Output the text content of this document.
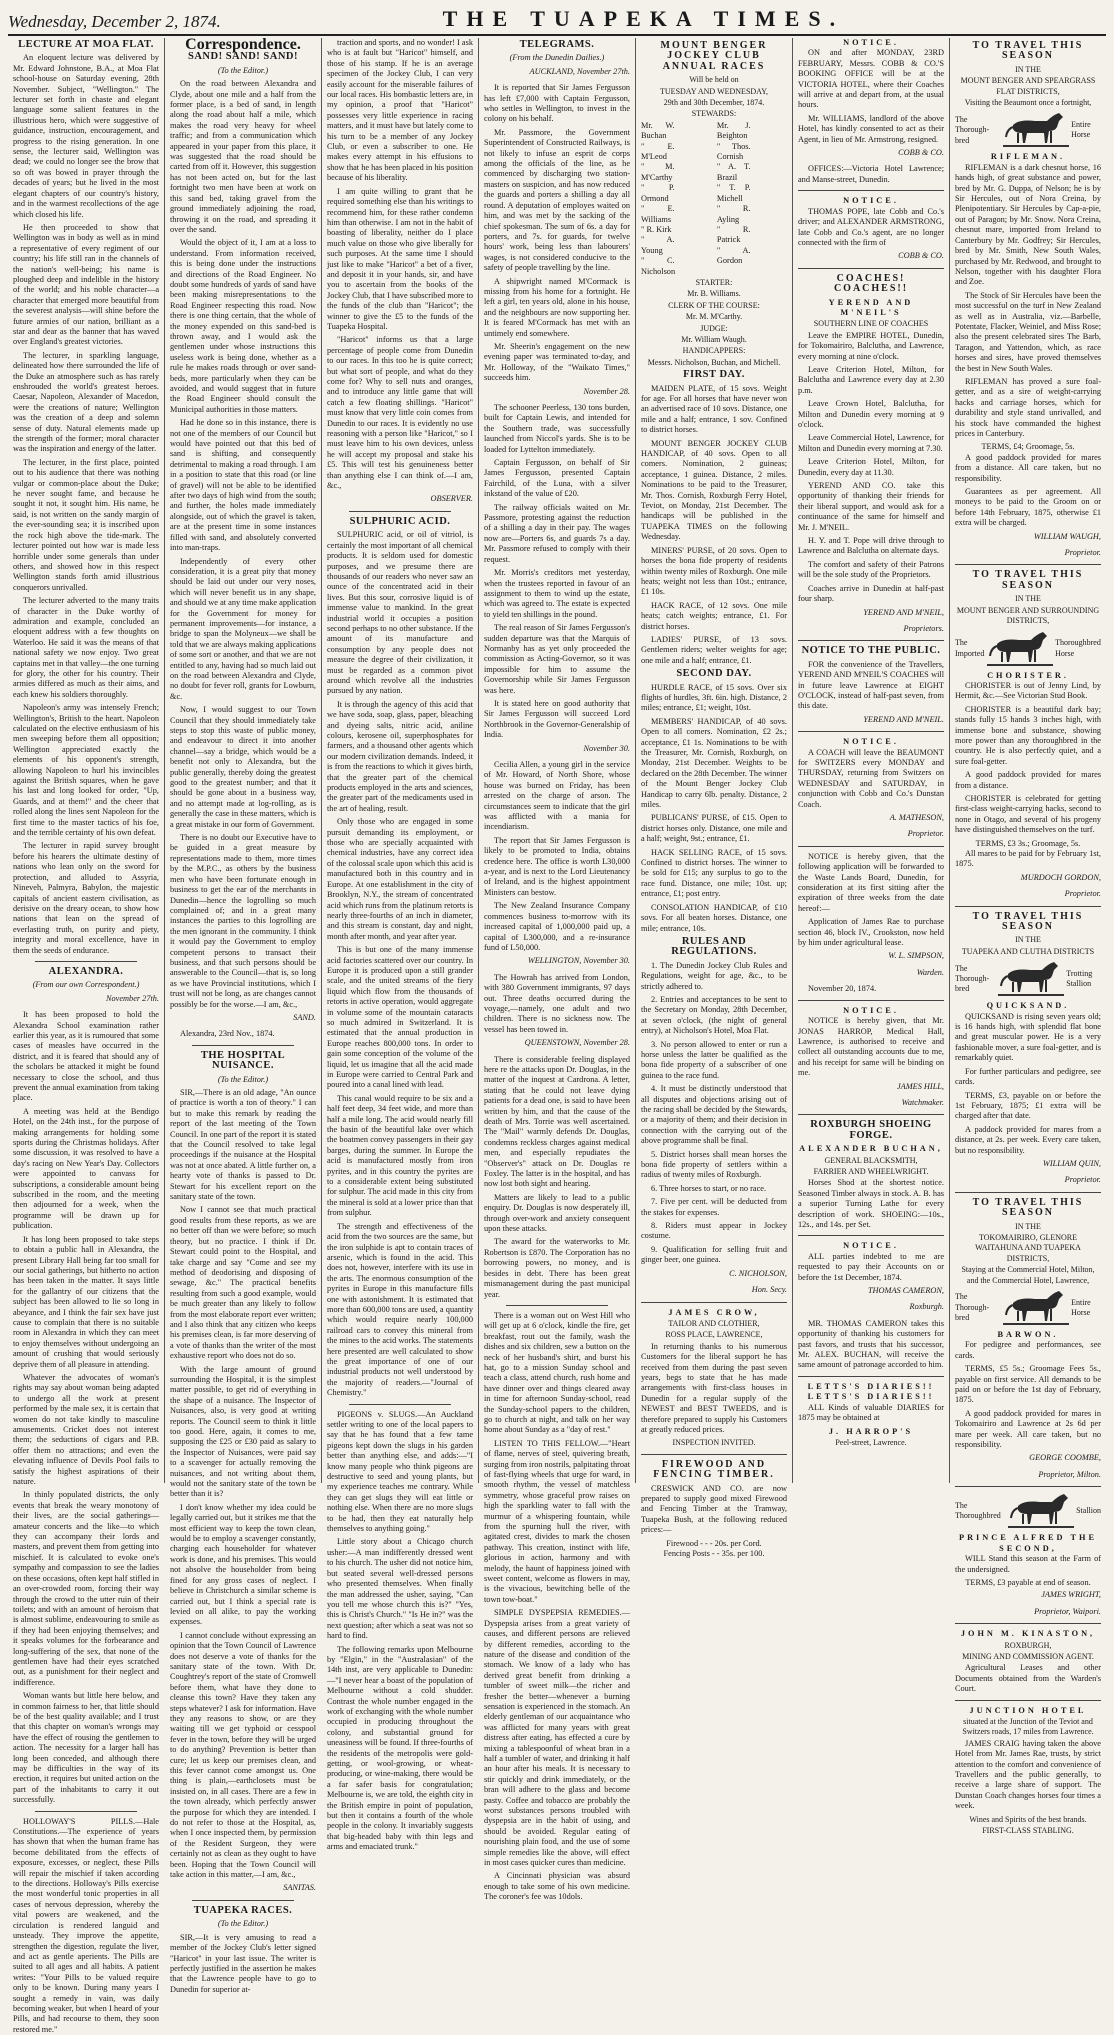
Wednesday, December 2, 1874.	THE TUAPEKA TIMES.
LECTURE AT MOA FLAT.

An eloquent lecture was delivered by Mr. Edward Johnstone, B.A., at Moa Flat school-house on Saturday evening, 28th November. Subject, "Wellington." The lecturer set forth in chaste and elegant language some salient features in the illustrious hero, which were suggestive of guidance, instruction, encouragement, and progress to the rising generation. In one sense, the lecturer said, Wellington was dead; we could no longer see the brow that so oft was bowed in prayer through the decades of years; but he lived in the most elegant chapters of our country's history, and in the warmest recollections of the age which closed his life.

He then proceeded to show that Wellington was in body as well as in mind a representative of every regiment of our country; his life still ran in the channels of the nation's well-being; his name is ploughed deep and indelible in the history of the world; and his noble character—a character that emerged more beautiful from the severest analysis—will shine before the future armies of our nation, brilliant as a star and dear as the banner that has waved over England's greatest victories.

The lecturer, in sparkling language, delineated how there surrounded the life of the Duke an atmosphere such as has rarely enshrouded the world's greatest heroes. Caesar, Napoleon, Alexander of Macedon, were the creations of nature; Wellington was the creation of a deep and solemn sense of duty. Natural elements made up the strength of the former; moral character was the inspiration and energy of the latter.

The lecturer, in the first place, pointed out to his audience that there was nothing vulgar or common-place about the Duke; he never sought fame, and because he sought it not, it sought him. His name, he said, is not written on the sandy margin of the ever-sounding sea; it is inscribed upon the rock high above the tide-mark. The lecturer pointed out how war is made less horrible under some generals than under others, and showed how in this respect Wellington stands forth amid illustrious conquerors unrivalled.

The lecturer adverted to the many traits of character in the Duke worthy of admiration and example, concluded an eloquent address with a few thoughts on Waterloo. He said it was the means of that national safety we now enjoy. Two great captains met in that valley—the one turning for glory, the other for his country. Their armies differed as much as their aims, and each knew his soldiers thoroughly.

Napoleon's army was intensely French; Wellington's, British to the heart. Napoleon calculated on the elective enthusiasm of his men sweeping before them all opposition; Wellington appreciated exactly the elements of his opponent's strength, allowing Napoleon to hurl his invincibles against the British squares, when he gave his last and long looked for order, "Up, Guards, and at them!" and the cheer that rolled along the lines sent Napoleon for the first time to the master tactics of his foe, and the terrible certainty of his own defeat.

The lecturer in rapid survey brought before his hearers the ultimate destiny of nations who lean only on the sword for protection, and alluded to Assyria, Nineveh, Palmyra, Babylon, the majestic capitals of ancient eastern civilisation, as derisive on the dreary ocean, to show how nations that lean on the spread of everlasting truth, on purity and piety, integrity and moral excellence, have in them the seeds of endurance.

ALEXANDRA.
(From our own Correspondent.)
November 27th.

It has been proposed to hold the Alexandra School examination rather earlier this year, as it is rumoured that some cases of measles have occurred in the district, and it is feared that should any of the scholars be attacked it might be found necessary to close the school, and thus prevent the annual examination from taking place.

A meeting was held at the Bendigo Hotel, on the 24th inst., for the purpose of making arrangements for holding some sports during the Christmas holidays. After some discussion, it was resolved to have a day's racing on New Year's Day. Collectors were appointed to canvass for subscriptions, a considerable amount being subscribed in the room, and the meeting then adjourned for a week, when the programme will be drawn up for publication.

It has long been proposed to take steps to obtain a public hall in Alexandra, the present Library Hall being far too small for our social gatherings, but hitherto no action has been taken in the matter. It says little for the gallantry of our citizens that the subject has been allowed to lie so long in abeyance, and I think the fair sex have just cause to complain that there is no suitable room in Alexandra in which they can meet to enjoy themselves without undergoing an amount of crushing that would seriously deprive them of all pleasure in attending.

Whatever the advocates of woman's rights may say about woman being adapted to undergo all the work at present performed by the male sex, it is certain that women do not take kindly to masculine amusements. Cricket does not interest them; the seductions of cigars and P.B. offer them no attractions; and even the elevating influence of Devils Pool fails to satisfy the highest aspirations of their nature.

In thinly populated districts, the only events that break the weary monotony of their lives, are the social gatherings—amateur concerts and the like—to which they can accompany their lords and masters, and prevent them from getting into mischief. It is calculated to evoke one's sympathy and compassion to see the ladies on these occasions, often kept half stifled in an over-crowded room, forcing their way through the crowd to the utter ruin of their toilets; and with an amount of heroism that is almost sublime, endeavouring to smile as if they had been enjoying themselves; and it speaks volumes for the forbearance and long-suffering of the sex, that none of the gentlemen have had their eyes scratched out, as a punishment for their neglect and indifference.

Woman wants but little here below, and in common fairness to her, that little should be of the best quality available; and I trust that this chapter on woman's wrongs may have the effect of rousing the gentlemen to action. The necessity for a larger hall has long been conceded, and although there may be difficulties in the way of its erection, it requires but united action on the part of the inhabitants to carry it out successfully.

HOLLOWAY'S PILLS.—Hale Constitutions.—The experience of years has shown that when the human frame has become debilitated from the effects of exposure, excesses, or neglect, these Pills will repair the mischief if taken according to the directions. Holloway's Pills exercise the most wonderful tonic properties in all cases of nervous depression, whereby the vital powers are weakened, and the circulation is rendered languid and unsteady. They improve the appetite, strengthen the digestion, regulate the liver, and act as gentle aperients. The Pills are suited to all ages and all habits. A patient writes: "Your Pills to be valued require only to be known. During many years I sought a remedy in vain, was daily becoming weaker, but when I heard of your Pills, and had recourse to them, they soon restored me."

Correspondence.
SAND! SAND! SAND!
(To the Editor.)

On the road between Alexandra and Clyde, about one mile and a half from the former place, is a bed of sand, in length along the road about half a mile, which makes the road very heavy for wheel traffic; and from a communication which appeared in your paper from this place, it was suggested that the road should be carted from off it. However, this suggestion has not been acted on, but for the last fortnight two men have been at work on this sand bed, taking gravel from the ground immediately adjoining the road, throwing it on the road, and spreading it over the sand.

Would the object of it, I am at a loss to understand. From information received, this is being done under the instructions and directions of the Road Engineer. No doubt some hundreds of yards of sand have been making misrepresentations to the Road Engineer respecting this road. Now there is one thing certain, that the whole of the money expended on this sand-bed is thrown away, and I would ask the gentlemen under whose instructions this useless work is being done, whether as a rule he makes roads through or over sand-beds, more particularly when they can be avoided, and would suggest that in future the Road Engineer should consult the Municipal authorities in those matters.

Had he done so in this instance, there is not one of the members of our Council but would have pointed out that this bed of sand is shifting, and consequently detrimental to making a road through. I am in a position to state that this road (or line of gravel) will not be able to be identified after two days of high wind from the south; and further, the holes made immediately alongside, out of which the gravel is taken, are at the present time in some instances filled with sand, and absolutely converted into man-traps.

Independently of every other consideration, it is a great pity that money should be laid out under our very noses, which will never benefit us in any shape, and should we at any time make application for the Government for money for permanent improvements—for instance, a bridge to span the Molyneux—we shall be told that we are always making applications of some sort or another, and that we are not entitled to any, having had so much laid out on the road between Alexandra and Clyde, no doubt for fever roll, grants for Lowburn, &c.

Now, I would suggest to our Town Council that they should immediately take steps to stop this waste of public money, and endeavour to direct it into another channel—say a bridge, which would be a benefit not only to Alexandra, but the public generally, thereby doing the greatest good to the greatest number; and that it should be gone about in a business way, and no attempt made at log-rolling, as is generally the case in these matters, which is a great mistake in our form of Government.

There is no doubt our Executive have to be guided in a great measure by representations made to them, more times by the M.P.C., as others by the business men who have been fortunate enough in business to get the ear of the merchants in Dunedin—hence the logrolling so much complained of; and in a great many instances the parties to this logrolling are the men ignorant in the community. I think it would pay the Government to employ competent persons to transact their business, and that such persons should be answerable to the Council—that is, so long as we have Provincial institutions, which I trust will not be long, as are changes cannot possibly be for the worse.—I am, &c.,

SAND.

Alexandra, 23rd Nov., 1874.

THE HOSPITAL NUISANCE.
(To the Editor.)

SIR,—There is an old adage, "An ounce of practice is worth a ton of theory." I can but to make this remark by reading the report of the last meeting of the Town Council. In one part of the report it is stated that the Council resolved to take legal proceedings if the nuisance at the Hospital was not at once abated. A little further on, a hearty vote of thanks is passed to Dr. Stewart for his excellent report on the sanitary state of the town.

Now I cannot see that much practical good results from these reports, as we are no better off than we were before; so much theory, but no practice. I think if Dr. Stewart could point to the Hospital, and take charge and say "Come and see my method of deodorising and disposing of sewage, &c." The practical benefits resulting from such a good example, would be much greater than any likely to follow from the most elaborate report ever written; and I also think that any citizen who keeps his premises clean, is far more deserving of a vote of thanks than the writer of the most exhaustive report who does not do so.

With the large amount of ground surrounding the Hospital, it is the simplest matter possible, to get rid of everything in the shape of a nuisance. The Inspector of Nuisances, also, is very good at writing reports. The Council seem to think it little too good. Here, again, it comes to me, supposing the £25 or £30 paid as salary to the Inspector of Nuisances, were paid say to a scavenger for actually removing the nuisances, and not writing about them, would not the sanitary state of the town be better than it is?

I don't know whether my idea could be legally carried out, but it strikes me that the most efficient way to keep the town clean, would be to employ a scavenger constantly, charging each householder for whatever work is done, and his premises. This would not absolve the householder from being fined for any gross cases of neglect. I believe in Christchurch a similar scheme is carried out, but I think a special rate is levied on all alike, to pay the working expenses.

I cannot conclude without expressing an opinion that the Town Council of Lawrence does not deserve a vote of thanks for the sanitary state of the town. With Dr. Coughtrey's report of the state of Cromwell before them, what have they done to cleanse this town? Have they taken any steps whatever? I ask for information. Have they any reasons to show, or are they waiting till we get typhoid or cesspool fever in the town, before they will be urged to do anything? Prevention is better than cure; let us keep our premises clean, and this fever cannot come amongst us. One thing is plain,—earthclosets must be insisted on, in all cases. There are a few in the town already, which perfectly answer the purpose for which they are intended. I do not refer to those at the Hospital, as, when I once inspected them, by permission of the Resident Surgeon, they were certainly not as clean as they ought to have been. Hoping that the Town Council will take action in this matter,—I am, &c.,

SANITAS.
TUAPEKA RACES.
(To the Editor.)

SIR,—It is very amusing to read a member of the Jockey Club's letter signed "Haricot" in your last issue. The writer is perfectly justified in the assertion he makes that the Lawrence people have to go to Dunedin for superior at-

traction and sports, and no wonder! I ask who is at fault but "Haricot" himself, and those of his stamp. If he is an average specimen of the Jockey Club, I can very easily account for the miserable failures of our local races. His bombastic letters are, in my opinion, a proof that "Haricot" possesses very little experience in racing matters, and it must have but lately come to his turn to be a member of any Jockey Club, or even a subscriber to one. He makes every attempt in his effusions to show that he has been placed in his position because of his liberality.

I am quite willing to grant that he required something else than his writings to recommend him, for these rather condemn him than otherwise. I am not in the habit of boasting of liberality, neither do I place much value on those who give liberally for such purposes. At the same time I should just like to make "Haricot" a bet of a fiver, and deposit it in your hands, sir, and have you to ascertain from the books of the Jockey Club, that I have subscribed more to the funds of the club than "Haricot"; the winner to give the £5 to the funds of the Tuapeka Hospital.

"Haricot" informs us that a large percentage of people come from Dunedin to our races. In this too he is quite correct; but what sort of people, and what do they come for? Why to sell nuts and oranges, and to introduce any little game that will catch a few floating shillings. "Haricot" must know that very little coin comes from Dunedin to our races. It is evidently no use reasoning with a person like "Haricot," so I must leave him to his own devices, unless he will accept my proposal and stake his £5. This will test his genuineness better than anything else I can think of.—I am, &c.,

OBSERVER.
SULPHURIC ACID.

SULPHURIC acid, or oil of vitriol, is certainly the most important of all chemical products. It is seldom used for domestic purposes, and we presume there are thousands of our readers who never saw an ounce of the concentrated acid in their lives. But this sour, corrosive liquid is of immense value to mankind. In the great industrial world it occupies a position second perhaps to no other substance. If the amount of its manufacture and consumption by any people does not measure the degree of their civilization, it must be regarded as a common pivot around which revolve all the industries pursued by any nation.

It is through the agency of this acid that we have soda, soap, glass, paper, bleaching and dyeing salts, nitric acid, aniline colours, kerosene oil, superphosphates for farmers, and a thousand other agents which our modern civilization demands. Indeed, it is from the reactions to which it gives birth, that the greater part of the chemical products employed in the arts and sciences, the greater part of the medicaments used in the art of healing, result.

Only those who are engaged in some pursuit demanding its employment, or those who are specially acquainted with chemical industries, have any correct idea of the colossal scale upon which this acid is manufactured both in this country and in Europe. At one establishment in the city of Brooklyn, N.Y., the stream of concentrated acid which runs from the platinum retorts is nearly three-fourths of an inch in diameter, and this stream is constant, day and night, month after month, and year after year.

This is but one of the many immense acid factories scattered over our country. In Europe it is produced upon a still grander scale, and the united streams of the fiery liquid which flow from the thousands of retorts in active operation, would aggregate in volume some of the mountain cataracts so much admired in Switzerland. It is estimated that the annual production in Europe reaches 800,000 tons. In order to gain some conception of the volume of the liquid, let us imagine that all the acid made in Europe were carried to Central Park and poured into a canal lined with lead.

This canal would require to be six and a half feet deep, 34 feet wide, and more than half a mile long. The acid would nearly fill the basin of the beautiful lake over which the boatmen convey passengers in their gay barges, during the summer. In Europe the acid is manufactured mostly from iron pyrites, and in this country the pyrites are to a considerable extent being substituted for sulphur. The acid made in this city from the mineral is sold at a lower price than that from sulphur.

The strength and effectiveness of the acid from the two sources are the same, but the iron sulphide is apt to contain traces of arsenic, which is found in the acid. This does not, however, interfere with its use in the arts. The enormous consumption of the pyrites in Europe in this manufacture fills one with astonishment. It is estimated that more than 600,000 tons are used, a quantity which would require nearly 100,000 railroad cars to convey this mineral from the mines to the acid works. The statements here presented are well calculated to show the great importance of one of our industrial products not well understood by the majority of readers.—"Journal of Chemistry."

PIGEONS v. SLUGS.—An Auckland settler writing to one of the local papers to say that he has found that a few tame pigeons kept down the slugs in his garden better than anything else, and adds:—"I know many people who think pigeons are destructive to seed and young plants, but my experience teaches me contrary. While they can get slugs they will eat little or nothing else. When there are no more slugs to be had, then they eat naturally help themselves to anything going."

Little story about a Chicago church usher:—A man indifferently dressed went to his church. The usher did not notice him, but seated several well-dressed persons who presented themselves. When finally the man addressed the usher, saying, "Can you tell me whose church this is?" "Yes, this is Christ's Church." "Is He in?" was the next question; after which a seat was not so hard to find.

The following remarks upon Melbourne by "Elgin," in the "Australasian" of the 14th inst, are very applicable to Dunedin:—"I never hear a boast of the population of Melbourne without a cold shudder. Contrast the whole number engaged in the work of exchanging with the whole number occupied in producing throughout the colony, and substantial ground for uneasiness will be found. If three-fourths of the residents of the metropolis were gold-getting, or wool-growing, or wheat-producing, or wine-making, there would be a far safer basis for congratulation; Melbourne is, we are told, the eighth city in the British empire in point of population, but then it contains a fourth of the whole people in the colony. It invariably suggests that big-headed baby with thin legs and arms and emaciated trunk."

TELEGRAMS.
(From the Dunedin Dailies.)
AUCKLAND, November 27th.

It is reported that Sir James Fergusson has left £7,000 with Captain Fergusson, who settles in Wellington, to invest in the colony on his behalf.

Mr. Passmore, the Government Superintendent of Constructed Railways, is not likely to infuse an esprit de corps among the officials of the line, as he commenced by discharging two station-masters on suspicion, and has now reduced the guards and porters a shilling a day all round. A deputation of employes waited on him, and was met by the sacking of the chief spokesman. The sum of 6s. a day for porters, and 7s. for guards, for twelve hours' work, being less than labourers' wages, is not considered conducive to the safety of people travelling by the line.

A shipwright named M'Cormack is missing from his home for a fortnight. He left a girl, ten years old, alone in his house, and the neighbours are now supporting her. It is feared M'Cormack has met with an untimely end somewhere.

Mr. Sheerin's engagement on the new evening paper was terminated to-day, and Mr. Holloway, of the "Waikato Times," succeeds him.

November 28.

The schooner Peerless, 130 tons burden, built for Captain Lewis, and intended for the Southern trade, was successfully launched from Niccol's yards. She is to be loaded for Lyttelton immediately.

Captain Fergusson, on behalf of Sir James Fergusson, presented Captain Fairchild, of the Luna, with a silver inkstand of the value of £20.

The railway officials waited on Mr. Passmore, protesting against the reduction of a shilling a day in their pay. The wages now are—Porters 6s, and guards 7s a day. Mr. Passmore refused to comply with their request.

Mr. Morris's creditors met yesterday, when the trustees reported in favour of an assignment to them to wind up the estate, which was agreed to. The estate is expected to yield ten shillings in the pound.

The real reason of Sir James Fergusson's sudden departure was that the Marquis of Normanby has as yet only proceeded the commission as Acting-Governor, so it was impossible for him to assume the Governorship while Sir James Fergusson was here.

It is stated here on good authority that Sir James Fergusson will succeed Lord Northbrook in the Governor-Generalship of India.

November 30.

Cecilia Allen, a young girl in the service of Mr. Howard, of North Shore, whose house was burned on Friday, has been arrested on the charge of arson. The circumstances seem to indicate that the girl was afflicted with a mania for incendiarism.

The report that Sir James Fergusson is likely to be promoted to India, obtains credence here. The office is worth L30,000 a-year, and is next to the Lord Lieutenancy of Ireland, and is the highest appointment Ministers can bestow.

The New Zealand Insurance Company commences business to-morrow with its increased capital of 1,000,000 paid up, a capital of L300,000, and a re-insurance fund of L50,000.

WELLINGTON, November 30.

The Howrah has arrived from London, with 380 Government immigrants, 97 days out. Three deaths occurred during the voyage,—namely, one adult and two children. There is no sickness now. The vessel has been towed in.

QUEENSTOWN, November 28.

There is considerable feeling displayed here re the attacks upon Dr. Douglas, in the matter of the inquest at Cardrona. A letter, stating that he could not leave dying patients for a dead one, is said to have been written by him, and that the cause of the death of Mrs. Torrie was well ascertained. The "Mail" warmly defends Dr. Douglas, condemns reckless charges against medical men, and especially repudiates the "Observer's" attack on Dr. Douglas re Foxley. The latter is in the hospital, and has now lost both sight and hearing.

Matters are likely to lead to a public enquiry. Dr. Douglas is now desperately ill, through over-work and anxiety consequent upon these attacks.

The award for the waterworks to Mr. Robertson is £870. The Corporation has no borrowing powers, no money, and is besides in debt. There has been great mismanagement during the past municipal year.

There is a woman out on West Hill who will get up at 6 o'clock, kindle the fire, get breakfast, rout out the family, wash the dishes and six children, sew a button on the neck of her husband's shirt, and burst his hat, go to a mission Sunday school and teach a class, attend church, rush home and have dinner over and things cleared away in time for afternoon Sunday-school, read the Sunday-school papers to the children, go to church at night, and talk on her way home about Sunday as a "day of rest."

LISTEN TO THIS FELLOW.—"Heart of flame, nerves of steel, quivering breath, surging from iron nostrils, palpitating throat of fast-flying wheels that urge for ward, in smooth rhythm, the vessel of matchless symmetry, whose graceful prow raises on high the sparkling water to fall with the murmur of a whispering fountain, while from the spurning hull the river, with agitated crest, divides to mark the chosen pathway. This creation, instinct with life, glorious in action, harmony and with melody, the haunt of happiness joined with sweet content, welcome as flowers in may, is the vivacious, bewitching belle of the town tow-boat."

SIMPLE DYSPEPSIA REMEDIES.—Dyspepsia arises from a great variety of causes, and different persons are relieved by different remedies, according to the nature of the disease and condition of the stomach. We know of a lady who has derived great benefit from drinking a tumbler of sweet milk—the richer and fresher the better—whenever a burning sensation is experienced in the stomach. An elderly gentleman of our acquaintance who was afflicted for many years with great distress after eating, has effected a cure by mixing a tablespoonful of wheat bran in a half a tumbler of water, and drinking it half an hour after his meals. It is necessary to stir quickly and drink immediately, or the bran will adhere to the glass and become pasty. Coffee and tobacco are probably the worst substances persons troubled with dyspepsia are in the habit of using, and should be avoided. Regular eating of nourishing plain food, and the use of some simple remedies like the above, will effect in most cases quicker cures than medicine.

A Cincinnati physician was absurd enough to take some of his own medicine. The coroner's fee was 10dols.

MOUNT BENGER JOCKEY CLUB ANNUAL RACES
Will be held on
TUESDAY AND WEDNESDAY,
29th and 30th December, 1874.
STEWARDS:
Mr. W. Buchan
" E. M'Leod
" M. M'Carthy
" P. Ormond
" E. Williams
" R. Kirk
" A. Young
" C. Nicholson
Mr. J. Beighton
" Thos. Cornish
" A. T. Brazil
" T. P. Michell
" R. Ayling
" R. Patrick
" A. Gordon
STARTER:
Mr. B. Williams.
CLERK OF THE COURSE:
Mr. M. M'Carthy.
JUDGE:
Mr. William Waugh.
HANDICAPPERS:
Messrs. Nicholson, Buchan, and Michell.
FIRST DAY.

MAIDEN PLATE, of 15 sovs. Weight for age. For all horses that have never won an advertised race of 10 sovs. Distance, one mile and a half; entrance, 1 sov. Confined to district horses.

MOUNT BENGER JOCKEY CLUB HANDICAP, of 40 sovs. Open to all comers. Nomination, 2 guineas; acceptance, 1 guinea. Distance, 2 miles. Nominations to be paid to the Treasurer, Mr. Thos. Cornish, Roxburgh Ferry Hotel, Teviot, on Monday, 21st December. The handicaps will be published in the TUAPEKA TIMES on the following Wednesday.

MINERS' PURSE, of 20 sovs. Open to horses the bona fide property of residents within twenty miles of Roxburgh. One mile heats; weight not less than 10st.; entrance, £1 10s.

HACK RACE, of 12 sovs. One mile heats; catch weights; entrance, £1. For district horses.

LADIES' PURSE, of 13 sovs. Gentlemen riders; welter weights for age; one mile and a half; entrance, £1.

SECOND DAY.

HURDLE RACE, of 15 sovs. Over six flights of hurdles, 3ft. 6in. high. Distance, 2 miles; entrance, £1; weight, 10st.

MEMBERS' HANDICAP, of 40 sovs. Open to all comers. Nomination, £2 2s.; acceptance, £1 1s. Nominations to be with the Treasurer, Mr. Cornish, Roxburgh, on Monday, 21st December. Weights to be declared on the 28th December. The winner of the Mount Benger Jockey Club Handicap to carry 6lb. penalty. Distance, 2 miles.

PUBLICANS' PURSE, of £15. Open to district horses only. Distance, one mile and a half; weight, 9st.; entrance, £1.

HACK SELLING RACE, of 15 sovs. Confined to district horses. The winner to be sold for £15; any surplus to go to the race fund. Distance, one mile; 10st. up; entrance, £1; post entry.

CONSOLATION HANDICAP, of £10 sovs. For all beaten horses. Distance, one mile; entrance, 10s.

RULES AND REGULATIONS.

1. The Dunedin Jockey Club Rules and Regulations, weight for age, &c., to be strictly adhered to.

2. Entries and acceptances to be sent to the Secretary on Monday, 28th December, at seven o'clock, (the night of general entry), at Nicholson's Hotel, Moa Flat.

3. No person allowed to enter or run a horse unless the latter be qualified as the bona fide property of a subscriber of one guinea to the race fund.

4. It must be distinctly understood that all disputes and objections arising out of the racing shall be decided by the Stewards, or a majority of them; and their decision in connection with the carrying out of the above programme shall be final.

5. District horses shall mean horses the bona fide property of settlers within a radius of twenty miles of Roxburgh.

6. Three horses to start, or no race.

7. Five per cent. will be deducted from the stakes for expenses.

8. Riders must appear in Jockey costume.

9. Qualification for selling fruit and ginger beer, one guinea.

C. NICHOLSON,
Hon. Secy.
JAMES CROW,
TAILOR AND CLOTHIER,
ROSS PLACE, LAWRENCE,

In returning thanks to his numerous Customers for the liberal support he has received from them during the past seven years, begs to state that he has made arrangements with first-class houses in Dunedin for a regular supply of the NEWEST and BEST TWEEDS, and is therefore prepared to supply his Customers at greatly reduced prices.

INSPECTION INVITED.
FIREWOOD AND FENCING TIMBER.

CRESWICK AND CO. are now prepared to supply good mixed Firewood and Fencing Timber at the Tramway, Tuapeka Bush, at the following reduced prices:—

Firewood - - - 20s. per Cord.
Fencing Posts - - 35s. per 100.
NOTICE.

ON and after MONDAY, 23RD FEBRUARY, Messrs. COBB & CO.'S BOOKING OFFICE will be at the VICTORIA HOTEL, where their Coaches will arrive at and depart from, at the usual hours.

Mr. WILLIAMS, landlord of the above Hotel, has kindly consented to act as their Agent, in lieu of Mr. Armstrong, resigned.

COBB & CO.

OFFICES:—Victoria Hotel Lawrence; and Manse-street, Dunedin.

NOTICE.

THOMAS POPE, late Cobb and Co.'s driver; and ALEXANDER ARMSTRONG, late Cobb and Co.'s agent, are no longer connected with the firm of

COBB & CO.
COACHES! COACHES!!
YEREND AND M'NEIL'S
SOUTHERN LINE OF COACHES

Leave the EMPIRE HOTEL, Dunedin, for Tokomairiro, Balclutha, and Lawrence, every morning at nine o'clock.

Leave Criterion Hotel, Milton, for Balclutha and Lawrence every day at 2.30 p.m.

Leave Crown Hotel, Balclutha, for Milton and Dunedin every morning at 9 o'clock.

Leave Commercial Hotel, Lawrence, for Milton and Dunedin every morning at 7.30.

Leave Criterion Hotel, Milton, for Dunedin, every day at 11.30.

YEREND AND CO. take this opportunity of thanking their friends for their liberal support, and would ask for a continuance of the same for himself and Mr. J. M'NEIL.

H. Y. and T. Pope will drive through to Lawrence and Balclutha on alternate days.

The comfort and safety of their Patrons will be the sole study of the Proprietors.

Coaches arrive in Dunedin at half-past four sharp.

YEREND AND M'NEIL,
Proprietors.
NOTICE TO THE PUBLIC.

FOR the convenience of the Travellers, YEREND AND M'NEIL'S COACHES will in future leave Lawrence at EIGHT O'CLOCK, instead of half-past seven, from this date.

YEREND AND M'NEIL.
NOTICE.

A COACH will leave the BEAUMONT for SWITZERS every MONDAY and THURSDAY, returning from Switzers on WEDNESDAY and SATURDAY, in conjunction with Cobb and Co.'s Dunstan Coach.

A. MATHESON,
Proprietor.

NOTICE is hereby given, that the following application will be forwarded to the Waste Lands Board, Dunedin, for consideration at its first sitting after the expiration of three weeks from the date hereof:—

Application of James Rae to purchase section 46, block IV., Crookston, now held by him under agricultural lease.

W. L. SIMPSON,
Warden.

November 20, 1874.

NOTICE.

NOTICE is hereby given, that Mr. JONAS HARROP, Medical Hall, Lawrence, is authorised to receive and collect all outstanding accounts due to me, and his receipt for same will be binding on me.

JAMES HILL,
Watchmaker.
ROXBURGH SHOEING FORGE.
ALEXANDER BUCHAN,
GENERAL BLACKSMITH,
FARRIER AND WHEELWRIGHT.

Horses Shod at the shortest notice. Seasoned Timber always in stock. A. B. has a superior Turning Lathe for every description of work. SHOEING:—10s., 12s., and 14s. per Set.

NOTICE.

ALL parties indebted to me are requested to pay their Accounts on or before the 1st December, 1874.

THOMAS CAMERON,
Roxburgh.

MR. THOMAS CAMERON takes this opportunity of thanking his customers for past favors, and trusts that his successor, Mr. ALEX. BUCHAN, will receive the same amount of patronage accorded to him.

LETTS'S DIARIES!!
LETTS'S DIARIES!!

ALL Kinds of valuable DIARIES for 1875 may be obtained at

J. HARROP'S
Peel-street, Lawrence.
TO TRAVEL THIS SEASON
IN THE
MOUNT BENGER AND SPEARGRASS FLAT DISTRICTS,
Visiting the Beaumont once a fortnight,
The Thorough-bred
Entire Horse
RIFLEMAN.

RIFLEMAN is a dark chesnut horse, 16 hands high, of great substance and power, bred by Mr. G. Duppa, of Nelson; he is by Sir Hercules, out of Nora Creina, by Plenipotentiary. Sir Hercules by Cap-a-pie, out of Paragon; by Mr. Snow. Nora Creina, chesnut mare, imported from Ireland to Canterbury by Mr. Godfrey; Sir Hercules, bred by Mr. Smith, New South Wales, purchased by Mr. Redwood, and brought to Nelson, together with his daughter Flora and Zoe.

The Stock of Sir Hercules have been the most successful on the turf in New Zealand as well as in Australia, viz.—Barbelle, Potentate, Flacker, Weiniel, and Miss Rose; also the present celebrated sires The Barb, Taragon, and Yattendon, which, as race horses and sires, have proved themselves the best in New South Wales.

RIFLEMAN has proved a sure foal-getter, and as a sire of weight-carrying hacks and carriage horses, which for durability and style stand unrivalled, and his stock have commanded the highest prices in Canterbury.

TERMS, £4; Groomage, 5s.

A good paddock provided for mares from a distance. All care taken, but no responsibility.

Guarantees as per agreement. All moneys to be paid to the Groom on or before 14th February, 1875, otherwise £1 extra will be charged.

WILLIAM WAUGH,
Proprietor.
TO TRAVEL THIS SEASON
IN THE
MOUNT BENGER AND SURROUNDING DISTRICTS,
The Imported
Thoroughbred Horse
CHORISTER.

CHORISTER is out of Jenny Lind, by Hermit, &c.—See Victorian Stud Book.

CHORISTER is a beautiful dark bay; stands fully 15 hands 3 inches high, with immense bone and substance, showing more power than any thoroughbred in the country. He is also perfectly quiet, and a sure foal-getter.

A good paddock provided for mares from a distance.

CHORISTER is celebrated for getting first-class weight-carrying hacks, second to none in Otago, and several of his progeny have distinguished themselves on the turf.

TERMS, £3 3s.; Groomage, 5s.

All mares to be paid for by February 1st, 1875.

MURDOCH GORDON,
Proprietor.
TO TRAVEL THIS SEASON
IN THE
TUAPEKA AND CLUTHA DISTRICTS
The Thorough-bred
Trotting Stallion
QUICKSAND.

QUICKSAND is rising seven years old; is 16 hands high, with splendid flat bone and great muscular power. He is a very fashionable mover, a sure foal-getter, and is remarkably quiet.

For further particulars and pedigree, see cards.

TERMS, £3, payable on or before the 1st February, 1875; £1 extra will be charged after that date.

A paddock provided for mares from a distance, at 2s. per week. Every care taken, but no responsibility.

WILLIAM QUIN,
Proprietor.
TO TRAVEL THIS SEASON
IN THE
TOKOMAIRIRO, GLENORE WAITAHUNA AND TUAPEKA DISTRICTS,
Staying at the Commercial Hotel, Milton, and the Commercial Hotel, Lawrence,
The Thorough-bred
Entire Horse
BARWON.

For pedigree and performances, see cards.

TERMS, £5 5s.; Groomage Fees 5s., payable on first service. All demands to be paid on or before the 1st day of February, 1875.

A good paddock provided for mares in Tokomairiro and Lawrence at 2s 6d per mare per week. All care taken, but no responsibility.

GEORGE COOMBE,
Proprietor, Milton.
The Thoroughbred
Stallion
PRINCE ALFRED THE SECOND,

WILL Stand this season at the Farm of the undersigned.

TERMS, £3 payable at end of season.
JAMES WRIGHT,
Proprietor, Waipori.
JOHN M. KINASTON,
ROXBURGH,
MINING AND COMMISSION AGENT.

Agricultural Leases and other Documents obtained from the Warden's Court.

JUNCTION HOTEL
situated at the Junction of the Teviot and Switzers roads, 17 miles from Lawrence.

JAMES CRAIG having taken the above Hotel from Mr. James Rae, trusts, by strict attention to the comfort and convenience of Travellers and the public generally, to receive a large share of support. The Dunstan Coach changes horses four times a week.

Wines and Spirits of the best brands.
FIRST-CLASS STABLING.
